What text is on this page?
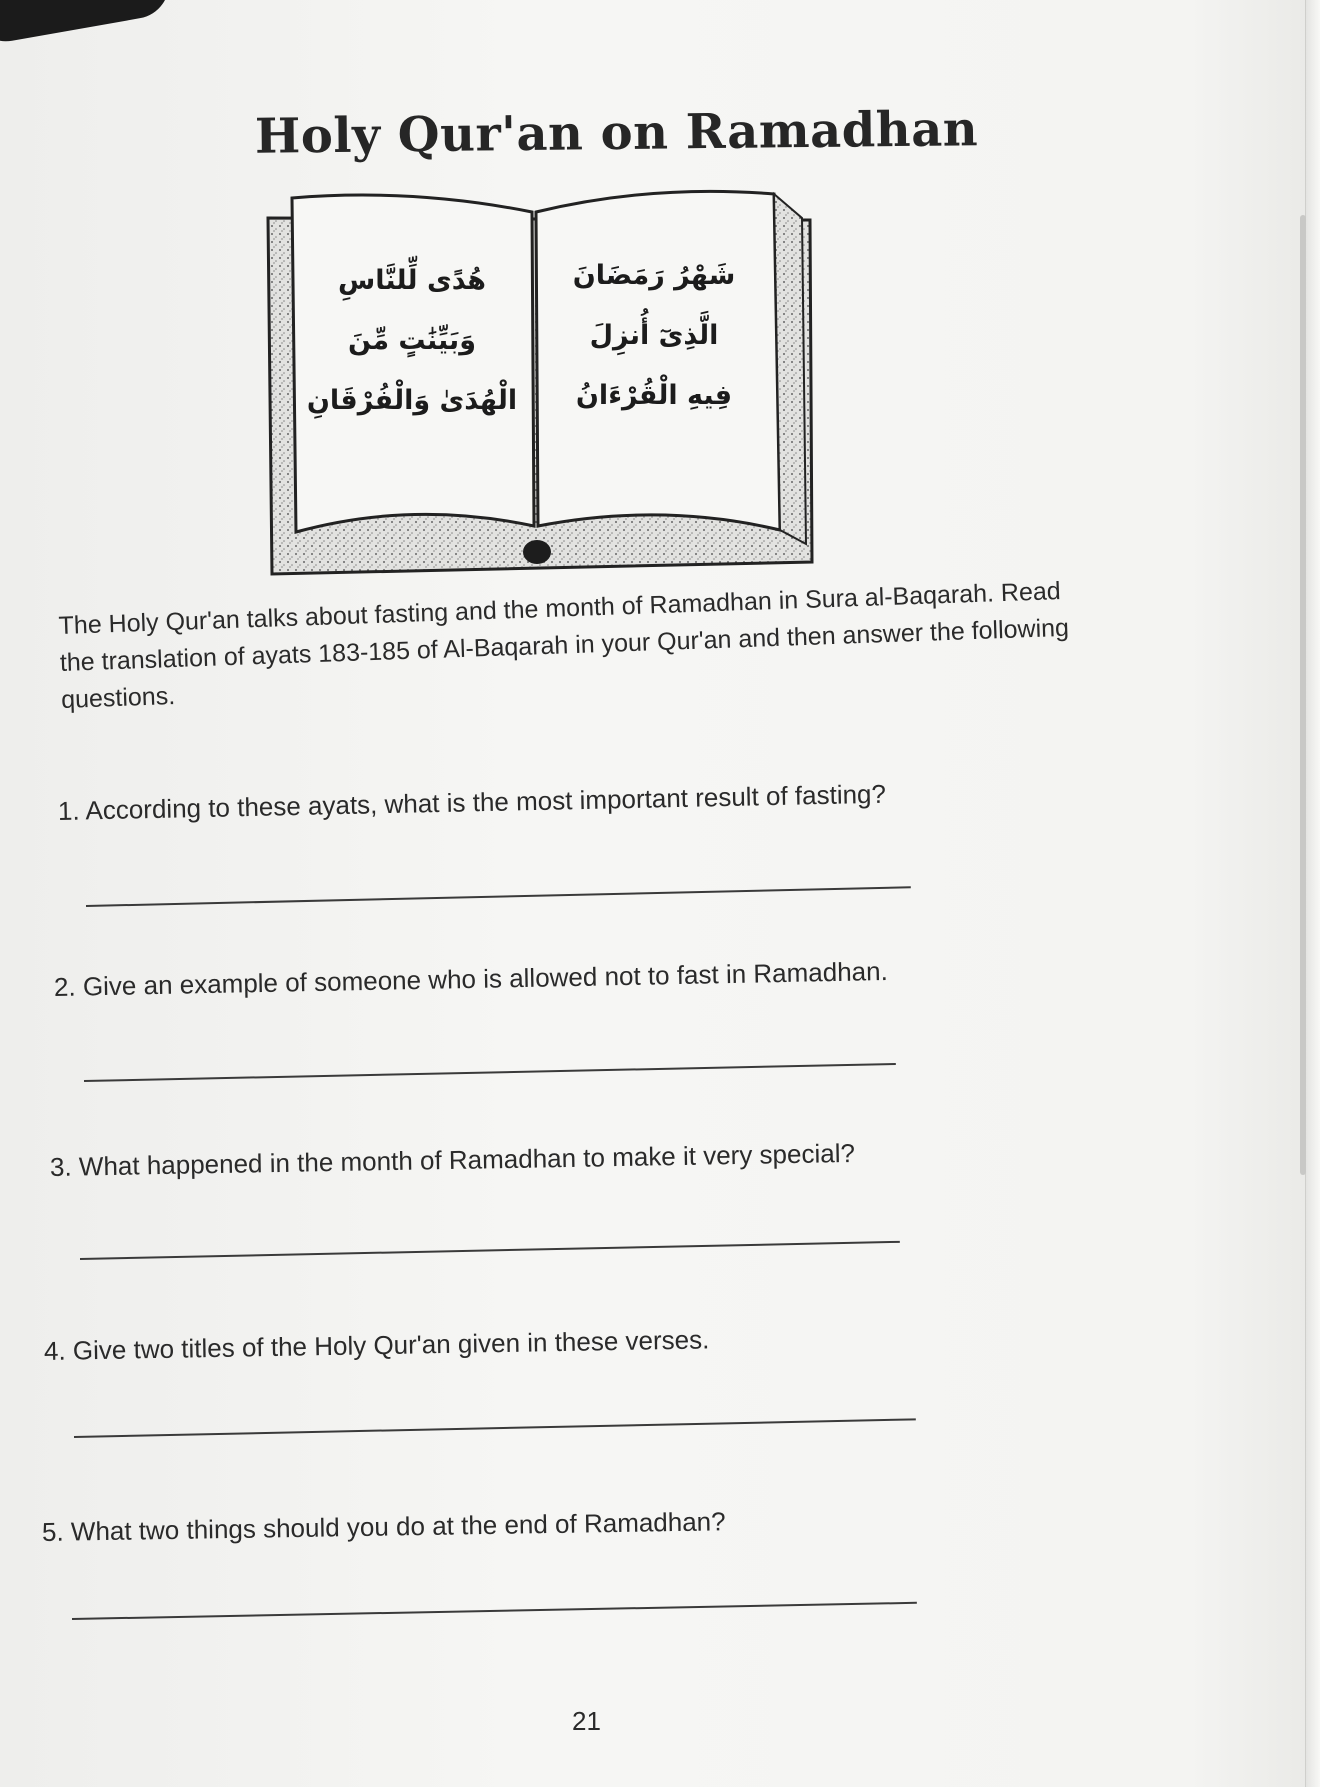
Holy Qur'an on Ramadhan
هُدًى لِّلنَّاسِ
وَبَيِّنَٰتٍ مِّنَ
الْهُدَىٰ وَالْفُرْقَانِ
شَهْرُ رَمَضَانَ
الَّذِىٓ أُنزِلَ
فِيهِ الْقُرْءَانُ
The Holy Qur'an talks about fasting and the month of Ramadhan in Sura al-Baqarah. Read the translation of ayats 183-185 of Al-Baqarah in your Qur'an and then answer the following questions.
1. According to these ayats, what is the most important result of fasting?
2. Give an example of someone who is allowed not to fast in Ramadhan.
3. What happened in the month of Ramadhan to make it very special?
4. Give two titles of the Holy Qur'an given in these verses.
5. What two things should you do at the end of Ramadhan?
21
